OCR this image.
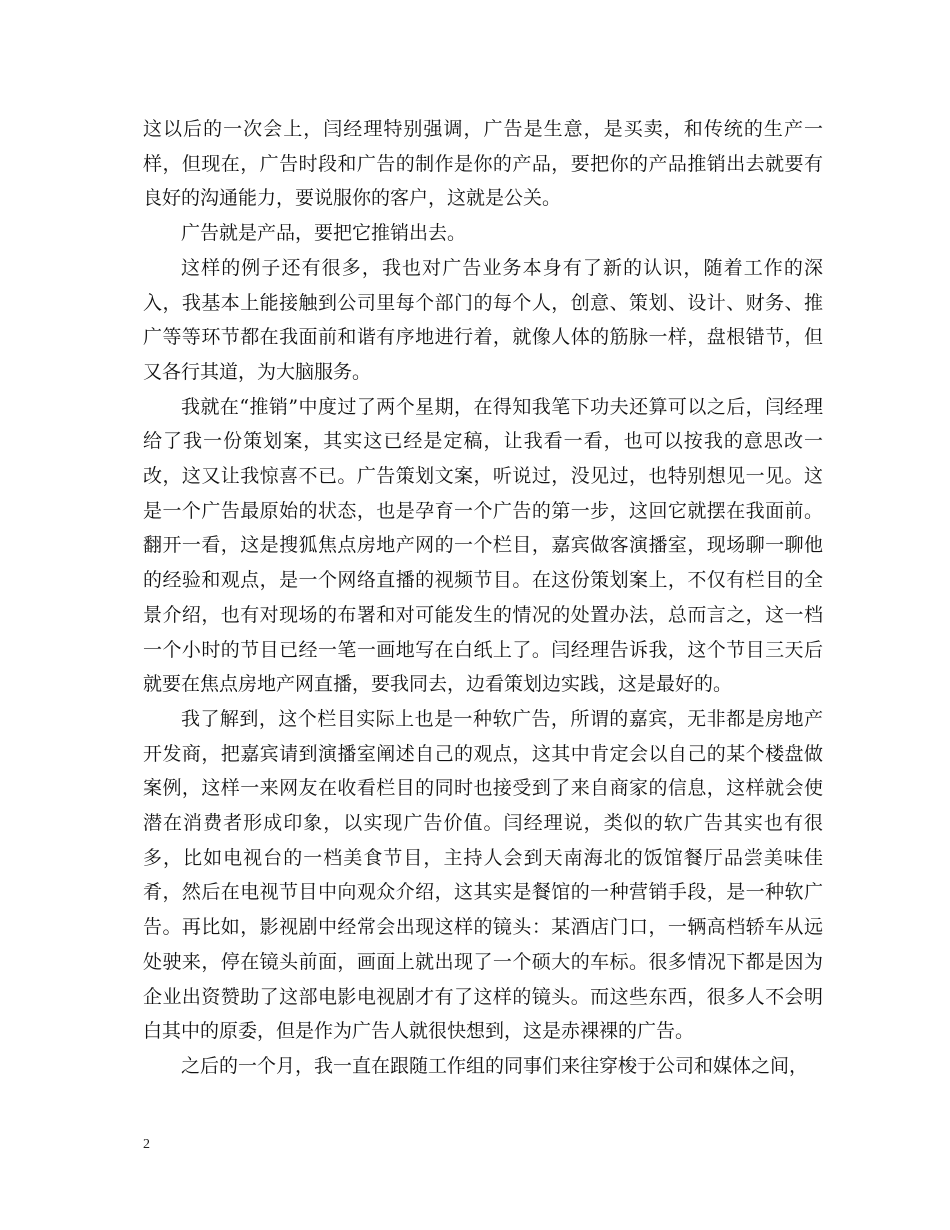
这以后的一次会上，闫经理特别强调，广告是生意，是买卖，和传统的生产一样，但现在，广告时段和广告的制作是你的产品，要把你的产品推销出去就要有良好的沟通能力，要说服你的客户，这就是公关。

广告就是产品，要把它推销出去。

这样的例子还有很多，我也对广告业务本身有了新的认识，随着工作的深入，我基本上能接触到公司里每个部门的每个人，创意、策划、设计、财务、推广等等环节都在我面前和谐有序地进行着，就像人体的筋脉一样，盘根错节，但又各行其道，为大脑服务。

我就在“推销”中度过了两个星期，在得知我笔下功夫还算可以之后，闫经理给了我一份策划案，其实这已经是定稿，让我看一看，也可以按我的意思改一改，这又让我惊喜不已。广告策划文案，听说过，没见过，也特别想见一见。这是一个广告最原始的状态，也是孕育一个广告的第一步，这回它就摆在我面前。翻开一看，这是搜狐焦点房地产网的一个栏目，嘉宾做客演播室，现场聊一聊他的经验和观点，是一个网络直播的视频节目。在这份策划案上，不仅有栏目的全景介绍，也有对现场的布署和对可能发生的情况的处置办法，总而言之，这一档一个小时的节目已经一笔一画地写在白纸上了。闫经理告诉我，这个节目三天后就要在焦点房地产网直播，要我同去，边看策划边实践，这是最好的。

我了解到，这个栏目实际上也是一种软广告，所谓的嘉宾，无非都是房地产开发商，把嘉宾请到演播室阐述自己的观点，这其中肯定会以自己的某个楼盘做案例，这样一来网友在收看栏目的同时也接受到了来自商家的信息，这样就会使潜在消费者形成印象，以实现广告价值。闫经理说，类似的软广告其实也有很多，比如电视台的一档美食节目，主持人会到天南海北的饭馆餐厅品尝美味佳肴，然后在电视节目中向观众介绍，这其实是餐馆的一种营销手段，是一种软广告。再比如，影视剧中经常会出现这样的镜头：某酒店门口，一辆高档轿车从远处驶来，停在镜头前面，画面上就出现了一个硕大的车标。很多情况下都是因为企业出资赞助了这部电影电视剧才有了这样的镜头。而这些东西，很多人不会明白其中的原委，但是作为广告人就很快想到，这是赤裸裸的广告。

之后的一个月，我一直在跟随工作组的同事们来往穿梭于公司和媒体之间，

2
